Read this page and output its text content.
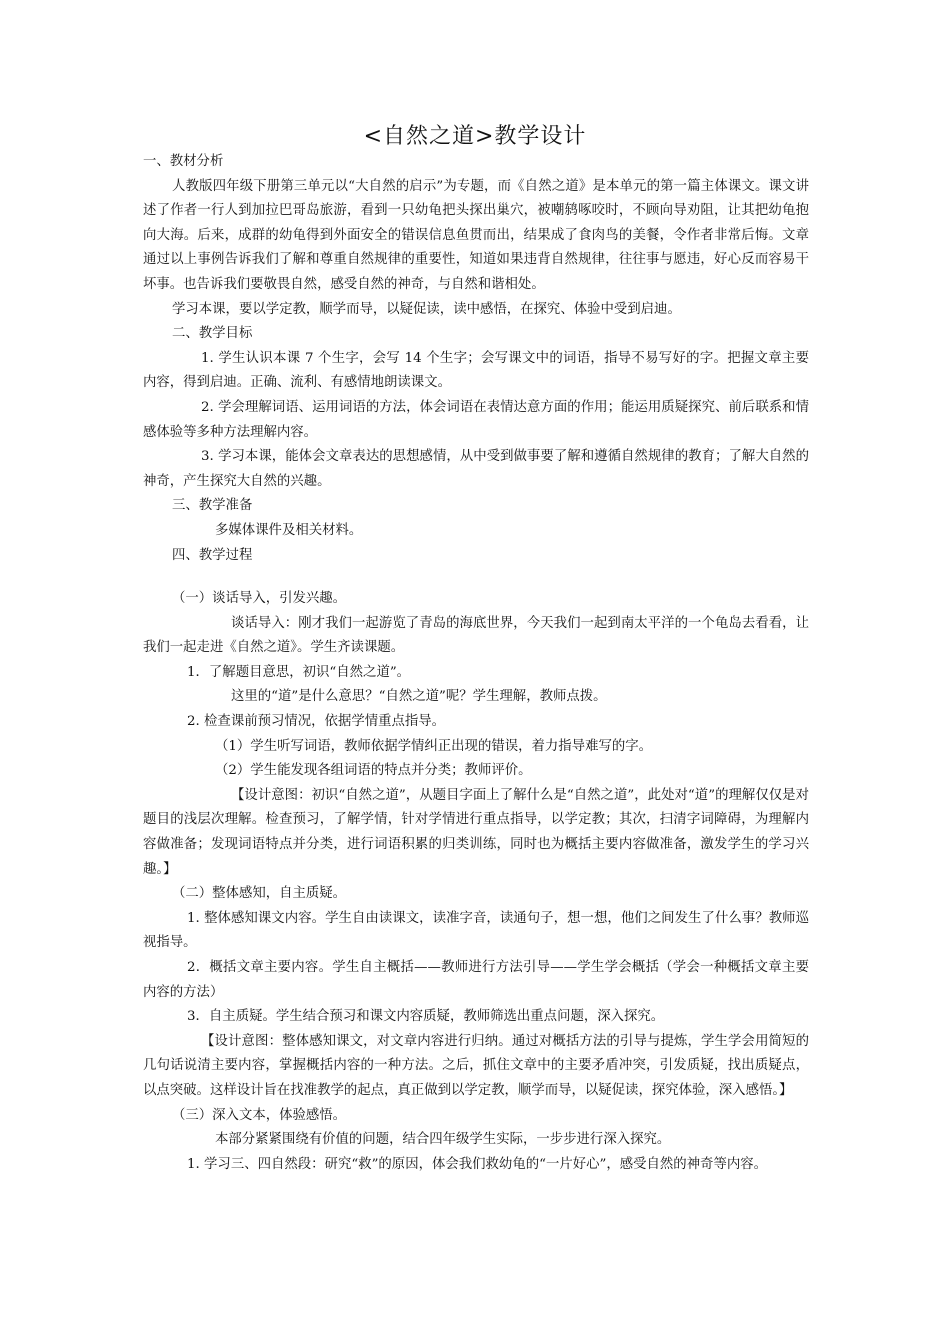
<自然之道>教学设计

一、教材分析

人教版四年级下册第三单元以“大自然的启示”为专题，而《自然之道》是本单元的第一篇主体课文。课文讲述了作者一行人到加拉巴哥岛旅游，看到一只幼龟把头探出巢穴，被嘲鸫啄咬时，不顾向导劝阻，让其把幼龟抱向大海。后来，成群的幼龟得到外面安全的错误信息鱼贯而出，结果成了食肉鸟的美餐，令作者非常后悔。文章通过以上事例告诉我们了解和尊重自然规律的重要性，知道如果违背自然规律，往往事与愿违，好心反而容易干坏事。也告诉我们要敬畏自然，感受自然的神奇，与自然和谐相处。

学习本课，要以学定教，顺学而导，以疑促读，读中感悟，在探究、体验中受到启迪。

二、教学目标

1. 学生认识本课 7 个生字，会写 14 个生字；会写课文中的词语，指导不易写好的字。把握文章主要内容，得到启迪。正确、流利、有感情地朗读课文。

2. 学会理解词语、运用词语的方法，体会词语在表情达意方面的作用；能运用质疑探究、前后联系和情感体验等多种方法理解内容。

3. 学习本课，能体会文章表达的思想感情，从中受到做事要了解和遵循自然规律的教育；了解大自然的神奇，产生探究大自然的兴趣。

三、教学准备

多媒体课件及相关材料。

四、教学过程

（一）谈话导入，引发兴趣。

谈话导入：刚才我们一起游览了青岛的海底世界，今天我们一起到南太平洋的一个龟岛去看看，让我们一起走进《自然之道》。学生齐读课题。

1．了解题目意思，初识“自然之道”。

这里的“道”是什么意思？“自然之道”呢？学生理解，教师点拨。

2. 检查课前预习情况，依据学情重点指导。

（1）学生听写词语，教师依据学情纠正出现的错误，着力指导难写的字。

（2）学生能发现各组词语的特点并分类；教师评价。

【设计意图：初识“自然之道”，从题目字面上了解什么是“自然之道”，此处对“道”的理解仅仅是对题目的浅层次理解。检查预习，了解学情，针对学情进行重点指导，以学定教；其次，扫清字词障碍，为理解内容做准备；发现词语特点并分类，进行词语积累的归类训练，同时也为概括主要内容做准备，激发学生的学习兴趣。】

（二）整体感知，自主质疑。

1. 整体感知课文内容。学生自由读课文，读准字音，读通句子，想一想，他们之间发生了什么事？教师巡视指导。

2．概括文章主要内容。学生自主概括——教师进行方法引导——学生学会概括（学会一种概括文章主要内容的方法）

3．自主质疑。学生结合预习和课文内容质疑，教师筛选出重点问题，深入探究。

【设计意图：整体感知课文，对文章内容进行归纳。通过对概括方法的引导与提炼，学生学会用简短的几句话说清主要内容，掌握概括内容的一种方法。之后，抓住文章中的主要矛盾冲突，引发质疑，找出质疑点，以点突破。这样设计旨在找准教学的起点，真正做到以学定教，顺学而导，以疑促读，探究体验，深入感悟。】

（三）深入文本，体验感悟。

本部分紧紧围绕有价值的问题，结合四年级学生实际，一步步进行深入探究。

1. 学习三、四自然段：研究“救”的原因，体会我们救幼龟的“一片好心”，感受自然的神奇等内容。
